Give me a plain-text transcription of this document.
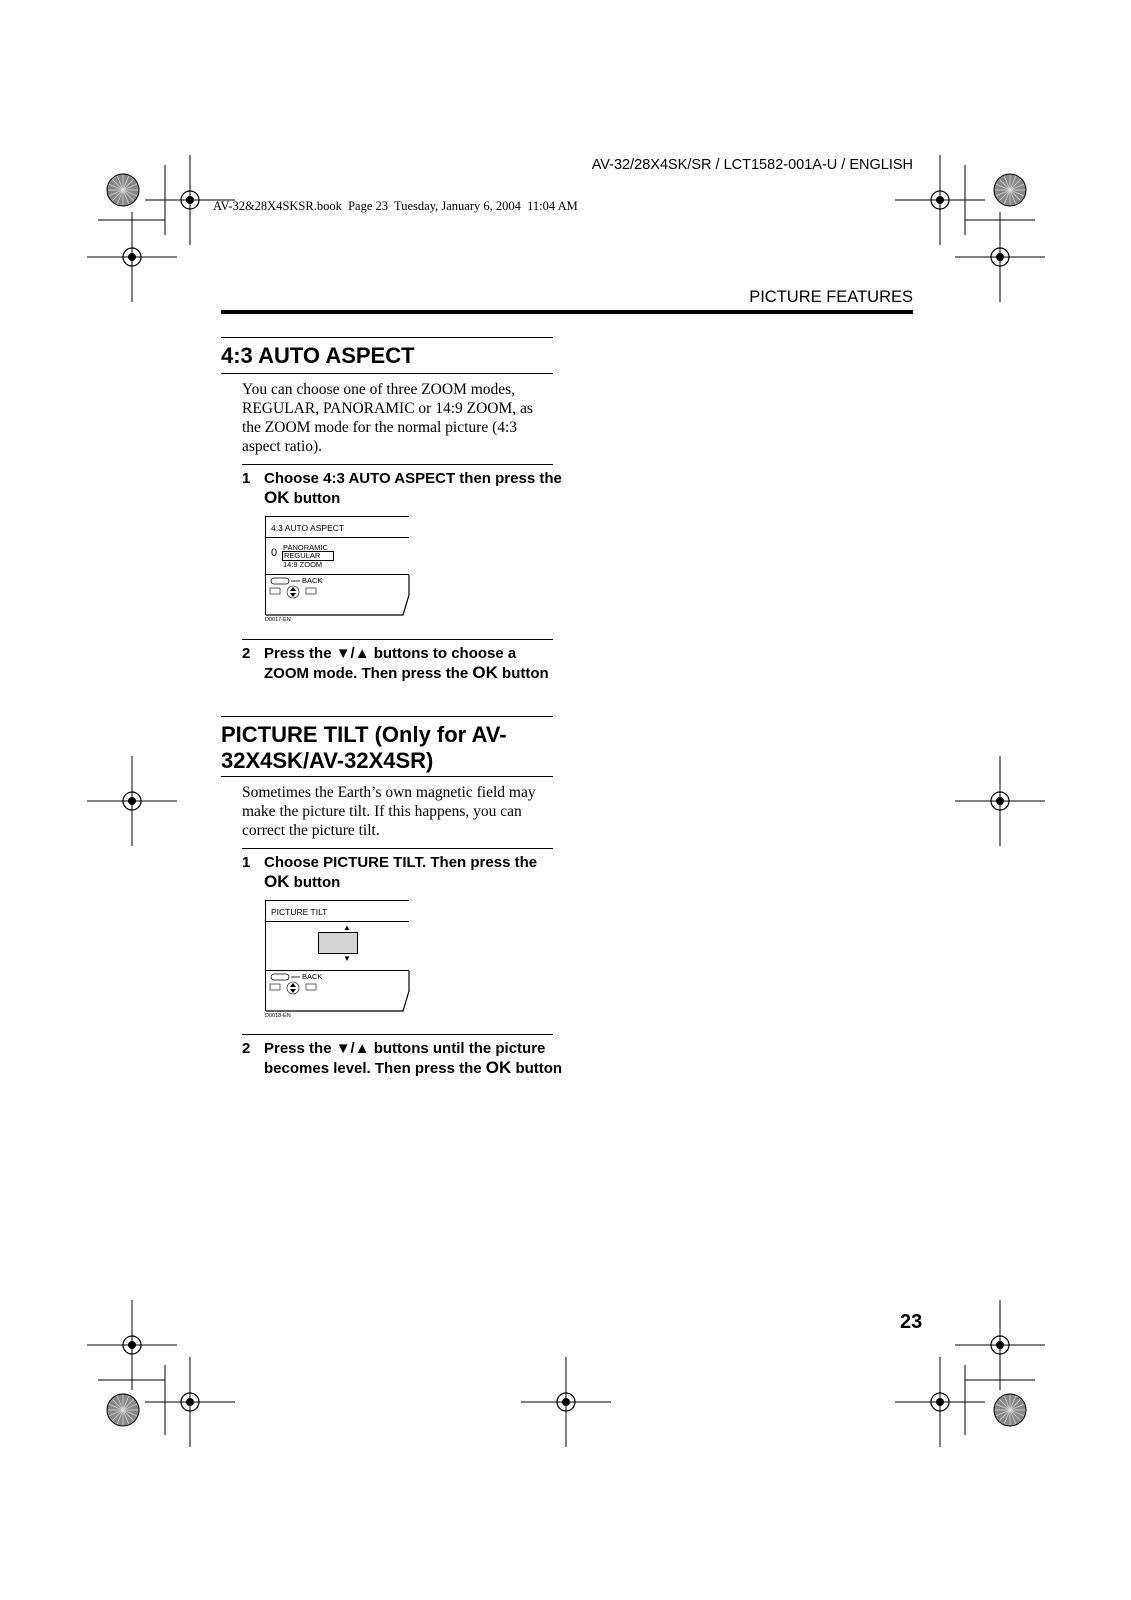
AV-32/28X4SK/SR / LCT1582-001A-U / ENGLISH
AV-32&28X4SKSR.book  Page 23  Tuesday, January 6, 2004  11:04 AM
PICTURE FEATURES
4:3 AUTO ASPECT
You can choose one of three ZOOM modes, REGULAR, PANORAMIC or 14:9 ZOOM, as the ZOOM mode for the normal picture (4:3 aspect ratio).
1 Choose 4:3 AUTO ASPECT then press the OK button
4:3 AUTO ASPECT
0 PANORAMIC
REGULAR
14:9 ZOOM
BACK
D0017-EN
2 Press the ▼/▲ buttons to choose a ZOOM mode. Then press the OK button
PICTURE TILT (Only for AV-
32X4SK/AV-32X4SR)
Sometimes the Earth’s own magnetic field may make the picture tilt. If this happens, you can correct the picture tilt.
1 Choose PICTURE TILT. Then press the OK button
PICTURE TILT
▲
▼
BACK
D0018-EN
2 Press the ▼/▲ buttons until the picture becomes level. Then press the OK button
23
